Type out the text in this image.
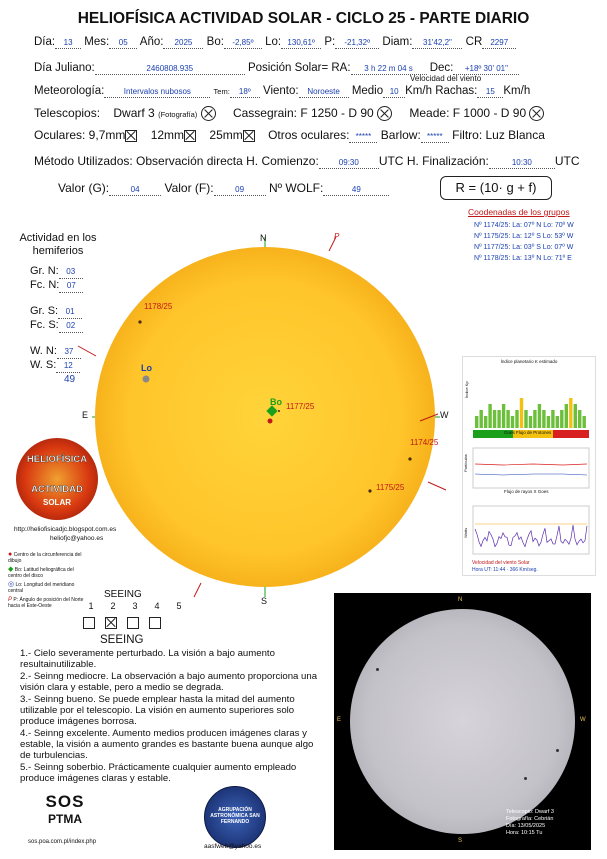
HELIOFÍSICA ACTIVIDAD SOLAR - CICLO 25 - PARTE DIARIO
Día: 13 Mes: 05 Año: 2025 Bo: -2,85º Lo: 130,61º P: -21,32º Diam: 31'42,2" CR 2297
Día Juliano:	2460808.935	Posición Solar= RA: 3 h 22 m 04 s Dec: +18º 30' 01"
Velocidad del viento
Meteorología: Intervalos nubosos	Tem: 18º Viento: Noroeste Medio 10 Km/h Rachas: 15 Km/h
Telescopios: Dwarf 3 (Fotografía)	Cassegrain: F 1250 - D 90	Meade: F 1000 - D 90
Oculares: 9,7mm 12mm 25mm Otros oculares: ***** Barlow: ***** Filtro: Luz Blanca
Método Utilizados: Observación directa H. Comienzo: 09:30 UTC H. Finalización:	10:30 UTC
Valor (G):	04 Valor (F):	09 Nº WOLF:	49	R = (10· g + f)
Coodenadas de los grupos
Nº 1174/25: La: 07º N Lo: 70º W
Nº 1175/25: La: 12º S Lo: 53º W
Nº 1177/25: La: 03º S Lo: 07º W
Nº 1178/25: La: 13º N Lo: 71º E
Actividad en los
hemiferios
Gr. N: 03
Fc. N: 07
Gr. S: 01
Fc. S: 02
W. N: 37
W. S: 12
49
N
S
E	W
P
Lo
Bo
1178/25
1177/25
1174/25
1175/25
Índice planetario K estimado
Goes Flujo de Protones
Flujo de rayos X Goes
Índice Kp
Partículas
Watts
Velocidad del viento Solar
Hora UT: 11:44 · 366 Km/seg.
HELIOFÍSICA
ACTIVIDAD
SOLAR
http://heliofisicadjc.blogspot.com.es
heliofjc@yahoo.es
● Centro de la circunferencia del dibujo
◆ Bo: Latitud heliográfica del centro del disco
◎ Lo: Longitud del meridiano central
P P: Ángulo de posición del Norte hacia el Este-Oeste
SEEING
1 2 3 4 5
SEEING

1.- Cielo severamente perturbado. La visión a bajo aumento resultainutilizable.

2.- Seinng mediocre. La observación a bajo aumento proporciona una visión clara y estable, pero a medio se degrada.

3.- Seinng bueno. Se puede emplear hasta la mitad del aumento utilizable por el telescopio. La visión en aumento superiores solo produce imágenes borrosa.

4.- Seinng excelente. Aumento medios producen imágenes claras y estable, la visión a aumento grandes es bastante buena aunque algo de turbulencias.

5.- Seinng soberbio. Prácticamente cualquier aumento empleado produce imágenes claras y estable.

N
S
E	W
Telescopio: Dwarf 3
Fotografía: Cebrián
Día: 13/05/2025
Hora: 10:15 Tu
SOS
PTMA
sos.poa.com.pl/index.php
AGRUPACIÓN ASTRONÓMICA SAN FERNANDO
aasfweb@yahoo.es
